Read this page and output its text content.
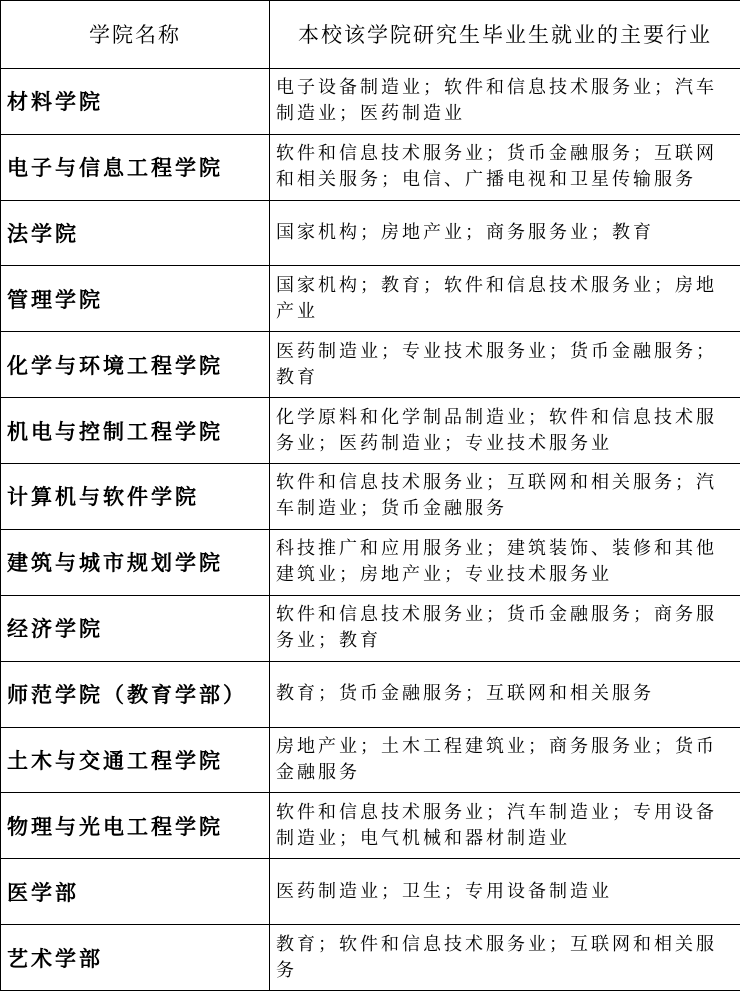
学院名称	本校该学院研究生毕业生就业的主要行业
材料学院	电子设备制造业；软件和信息技术服务业；汽车制造业；医药制造业

电子与信息工程学院	软件和信息技术服务业；货币金融服务；互联网和相关服务；电信、广播电视和卫星传输服务

法学院	国家机构；房地产业；商务服务业；教育

管理学院	国家机构；教育；软件和信息技术服务业；房地产业

化学与环境工程学院	医药制造业；专业技术服务业；货币金融服务；教育

机电与控制工程学院	化学原料和化学制品制造业；软件和信息技术服务业；医药制造业；专业技术服务业

计算机与软件学院	软件和信息技术服务业；互联网和相关服务；汽车制造业；货币金融服务

建筑与城市规划学院	科技推广和应用服务业；建筑装饰、装修和其他建筑业；房地产业；专业技术服务业

经济学院	软件和信息技术服务业；货币金融服务；商务服务业；教育

师范学院（教育学部）	教育；货币金融服务；互联网和相关服务

土木与交通工程学院	房地产业；土木工程建筑业；商务服务业；货币金融服务

物理与光电工程学院	软件和信息技术服务业；汽车制造业；专用设备制造业；电气机械和器材制造业

医学部	医药制造业；卫生；专用设备制造业

艺术学部	教育；软件和信息技术服务业；互联网和相关服务
